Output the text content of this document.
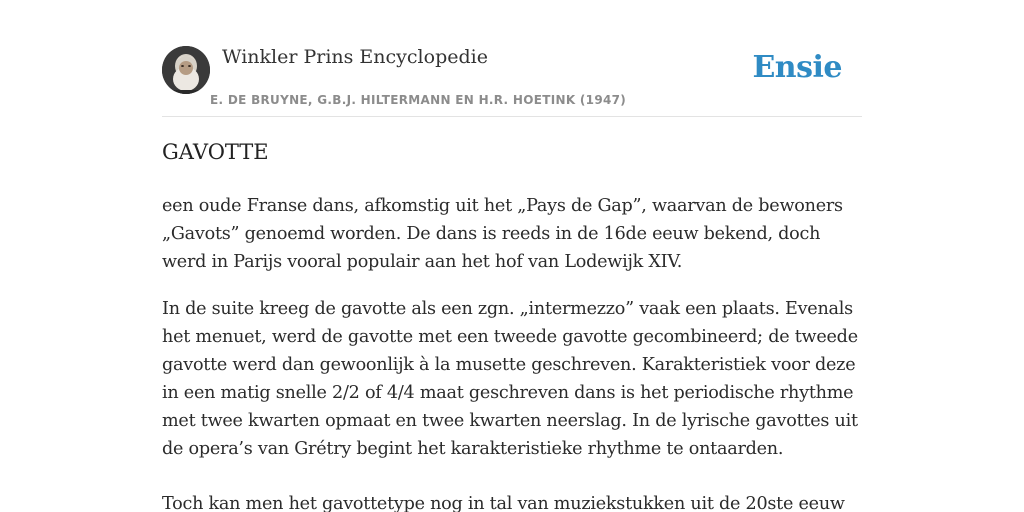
Winkler Prins Encyclopedie
E. DE BRUYNE, G.B.J. HILTERMANN EN H.R. HOETINK (1947)
Ensie
GAVOTTE

een oude Franse dans, afkomstig uit het „Pays de Gap”, waarvan de bewoners „Gavots” genoemd worden. De dans is reeds in de 16de eeuw bekend, doch werd in Parijs vooral populair aan het hof van Lodewijk XIV.

In de suite kreeg de gavotte als een zgn. „intermezzo” vaak een plaats. Evenals het menuet, werd de gavotte met een tweede gavotte gecombineerd; de tweede gavotte werd dan gewoonlijk à la musette geschreven. Karakteristiek voor deze in een matig snelle 2/2 of 4/4 maat geschreven dans is het periodische rhythme met twee kwarten opmaat en twee kwarten neerslag. In de lyrische gavottes uit de opera’s van Grétry begint het karakteristieke rhythme te ontaarden.

Toch kan men het gavottetype nog in tal van muziekstukken uit de 20ste eeuw
